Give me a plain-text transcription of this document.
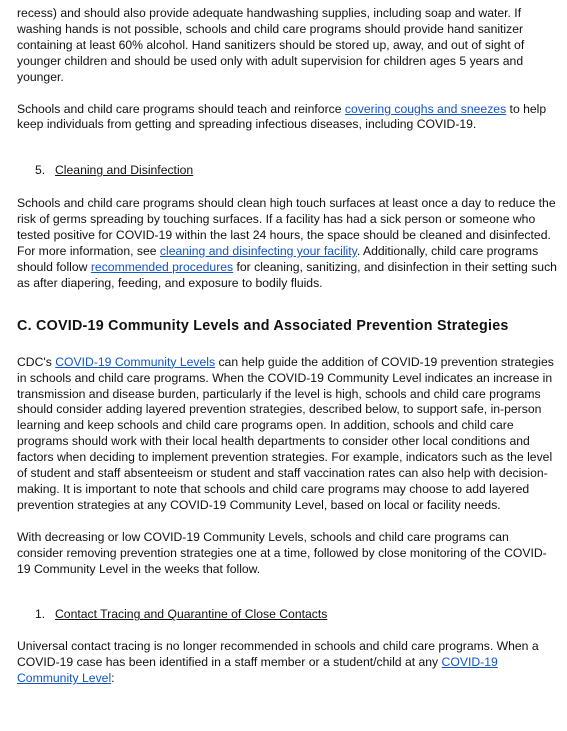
recess) and should also provide adequate handwashing supplies, including soap and water. If washing hands is not possible, schools and child care programs should provide hand sanitizer containing at least 60% alcohol. Hand sanitizers should be stored up, away, and out of sight of younger children and should be used only with adult supervision for children ages 5 years and younger.

Schools and child care programs should teach and reinforce covering coughs and sneezes to help keep individuals from getting and spreading infectious diseases, including COVID-19.

5. Cleaning and Disinfection

Schools and child care programs should clean high touch surfaces at least once a day to reduce the risk of germs spreading by touching surfaces. If a facility has had a sick person or someone who tested positive for COVID-19 within the last 24 hours, the space should be cleaned and disinfected. For more information, see cleaning and disinfecting your facility. Additionally, child care programs should follow recommended procedures for cleaning, sanitizing, and disinfection in their setting such as after diapering, feeding, and exposure to bodily fluids.

C. COVID-19 Community Levels and Associated Prevention Strategies

CDC's COVID-19 Community Levels can help guide the addition of COVID-19 prevention strategies in schools and child care programs. When the COVID-19 Community Level indicates an increase in transmission and disease burden, particularly if the level is high, schools and child care programs should consider adding layered prevention strategies, described below, to support safe, in-person learning and keep schools and child care programs open. In addition, schools and child care programs should work with their local health departments to consider other local conditions and factors when deciding to implement prevention strategies. For example, indicators such as the level of student and staff absenteeism or student and staff vaccination rates can also help with decision-making. It is important to note that schools and child care programs may choose to add layered prevention strategies at any COVID-19 Community Level, based on local or facility needs.

With decreasing or low COVID-19 Community Levels, schools and child care programs can consider removing prevention strategies one at a time, followed by close monitoring of the COVID-19 Community Level in the weeks that follow.

1. Contact Tracing and Quarantine of Close Contacts

Universal contact tracing is no longer recommended in schools and child care programs. When a COVID-19 case has been identified in a staff member or a student/child at any COVID-19 Community Level:
